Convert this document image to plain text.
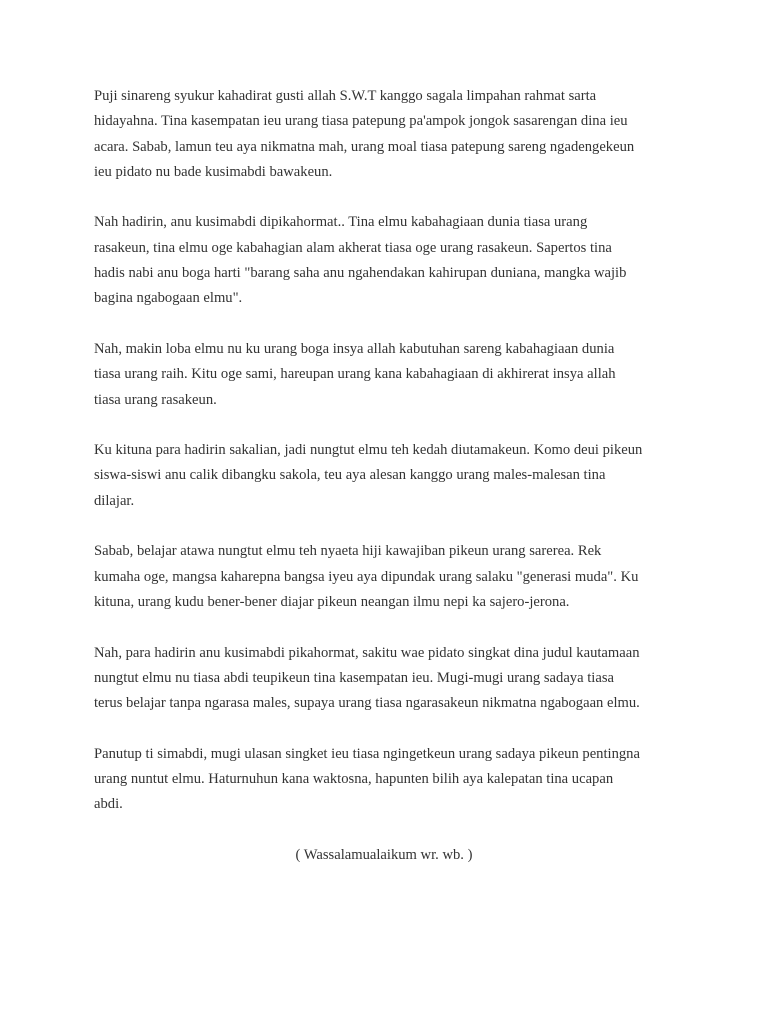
Puji sinareng syukur kahadirat gusti allah S.W.T kanggo sagala limpahan rahmat sarta
hidayahna. Tina kasempatan ieu urang tiasa patepung pa'ampok jongok sasarengan dina ieu
acara. Sabab, lamun teu aya nikmatna mah, urang moal tiasa patepung sareng ngadengekeun
ieu pidato nu bade kusimabdi bawakeun.

Nah hadirin, anu kusimabdi dipikahormat.. Tina elmu kabahagiaan dunia tiasa urang
rasakeun, tina elmu oge kabahagian alam akherat tiasa oge urang rasakeun. Sapertos tina
hadis nabi anu boga harti "barang saha anu ngahendakan kahirupan duniana, mangka wajib
bagina ngabogaan elmu".

Nah, makin loba elmu nu ku urang boga insya allah kabutuhan sareng kabahagiaan dunia
tiasa urang raih. Kitu oge sami, hareupan urang kana kabahagiaan di akhirerat insya allah
tiasa urang rasakeun.

Ku kituna para hadirin sakalian, jadi nungtut elmu teh kedah diutamakeun. Komo deui pikeun
siswa-siswi anu calik dibangku sakola, teu aya alesan kanggo urang males-malesan tina
dilajar.

Sabab, belajar atawa nungtut elmu teh nyaeta hiji kawajiban pikeun urang sarerea. Rek
kumaha oge, mangsa kaharepna bangsa iyeu aya dipundak urang salaku "generasi muda". Ku
kituna, urang kudu bener-bener diajar pikeun neangan ilmu nepi ka sajero-jerona.

Nah, para hadirin anu kusimabdi pikahormat, sakitu wae pidato singkat dina judul kautamaan
nungtut elmu nu tiasa abdi teupikeun tina kasempatan ieu. Mugi-mugi urang sadaya tiasa
terus belajar tanpa ngarasa males, supaya urang tiasa ngarasakeun nikmatna ngabogaan elmu.

Panutup ti simabdi, mugi ulasan singket ieu tiasa ngingetkeun urang sadaya pikeun pentingna
urang nuntut elmu. Haturnuhun kana waktosna, hapunten bilih aya kalepatan tina ucapan
abdi.

( Wassalamualaikum wr. wb. )
